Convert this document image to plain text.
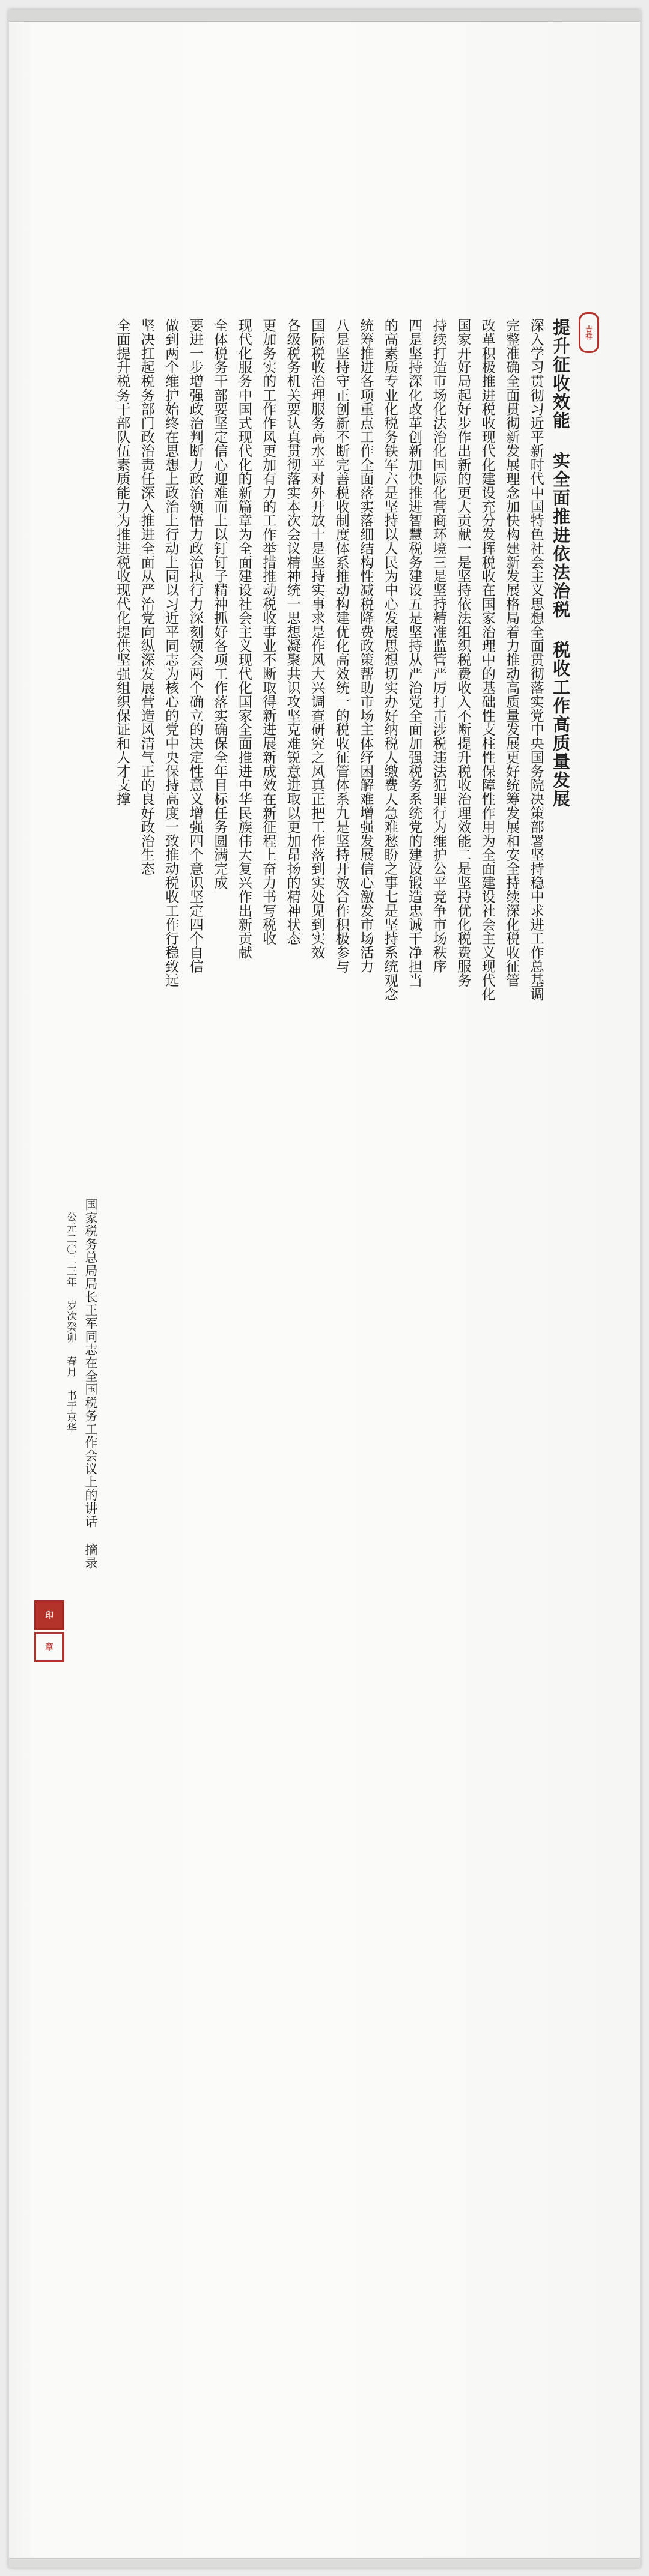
吉祥
提升征收效能 实全面推进依法治税 税收工作高质量发展
深入学习贯彻习近平新时代中国特色社会主义思想全面贯彻落实党中央国务院决策部署坚持稳中求进工作总基调
完整准确全面贯彻新发展理念加快构建新发展格局着力推动高质量发展更好统筹发展和安全持续深化税收征管
改革积极推进税收现代化建设充分发挥税收在国家治理中的基础性支柱性保障性作用为全面建设社会主义现代化
国家开好局起好步作出新的更大贡献一是坚持依法组织税费收入不断提升税收治理效能二是坚持优化税费服务
持续打造市场化法治化国际化营商环境三是坚持精准监管严厉打击涉税违法犯罪行为维护公平竞争市场秩序
四是坚持深化改革创新加快推进智慧税务建设五是坚持从严治党全面加强税务系统党的建设锻造忠诚干净担当
的高素质专业化税务铁军六是坚持以人民为中心发展思想切实办好纳税人缴费人急难愁盼之事七是坚持系统观念
统筹推进各项重点工作全面落实落细结构性减税降费政策帮助市场主体纾困解难增强发展信心激发市场活力
八是坚持守正创新不断完善税收制度体系推动构建优化高效统一的税收征管体系九是坚持开放合作积极参与
国际税收治理服务高水平对外开放十是坚持实事求是作风大兴调查研究之风真正把工作落到实处见到实效
各级税务机关要认真贯彻落实本次会议精神统一思想凝聚共识攻坚克难锐意进取以更加昂扬的精神状态
更加务实的工作作风更加有力的工作举措推动税收事业不断取得新进展新成效在新征程上奋力书写税收
现代化服务中国式现代化的新篇章为全面建设社会主义现代化国家全面推进中华民族伟大复兴作出新贡献
全体税务干部要坚定信心迎难而上以钉钉子精神抓好各项工作落实确保全年目标任务圆满完成
要进一步增强政治判断力政治领悟力政治执行力深刻领会两个确立的决定性意义增强四个意识坚定四个自信
做到两个维护始终在思想上政治上行动上同以习近平同志为核心的党中央保持高度一致推动税收工作行稳致远
坚决扛起税务部门政治责任深入推进全面从严治党向纵深发展营造风清气正的良好政治生态
全面提升税务干部队伍素质能力为推进税收现代化提供坚强组织保证和人才支撑
国家税务总局局长王军同志在全国税务工作会议上的讲话 摘录
公元二〇二三年 岁次癸卯 春月 书于京华
印
章
